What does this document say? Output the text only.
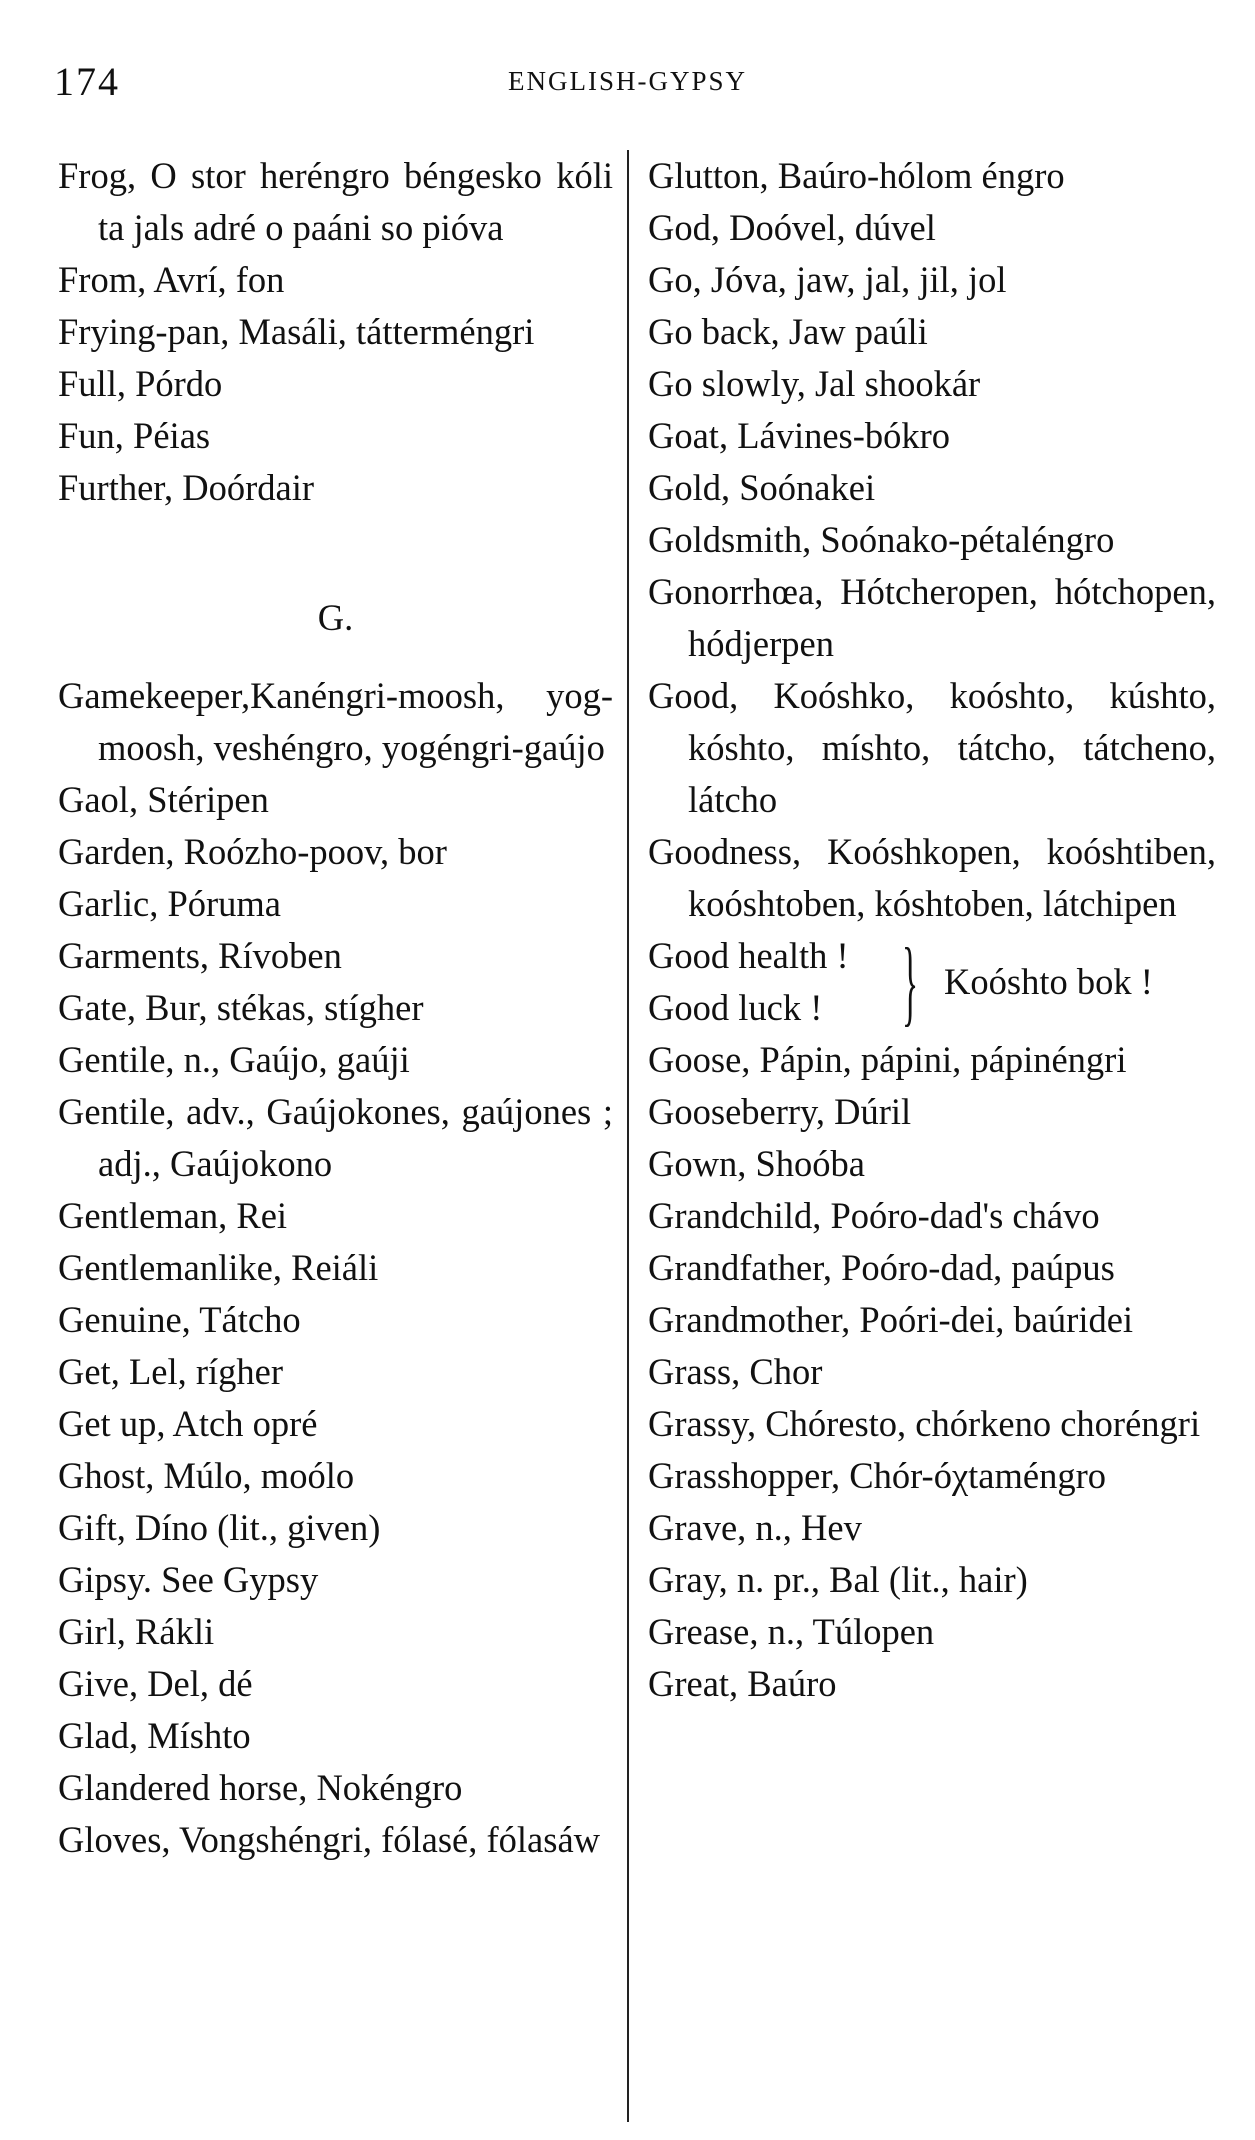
174	ENGLISH-GYPSY
Frog, O stor heréngro béngesko kóli ta jals adré o paáni so pióva
From, Avrí, fon
Frying-pan, Masáli, tátterméngri
Full, Pórdo
Fun, Péias
Further, Doórdair
G.
Gamekeeper,Kanéngri-moosh, yog-moosh, veshéngro, yogéngri-gaújo
Gaol, Stéripen
Garden, Roózho-poov, bor
Garlic, Póruma
Garments, Rívoben
Gate, Bur, stékas, stígher
Gentile, n., Gaújo, gaúji
Gentile, adv., Gaújokones, gaújones ; adj., Gaújokono
Gentleman, Rei
Gentlemanlike, Reiáli
Genuine, Tátcho
Get, Lel, rígher
Get up, Atch opré
Ghost, Múlo, moólo
Gift, Díno (lit., given)
Gipsy. See Gypsy
Girl, Rákli
Give, Del, dé
Glad, Míshto
Glandered horse, Nokéngro
Gloves, Vongshéngri, fólasé, fólasáw
Glutton, Baúro-hólom éngro
God, Doóvel, dúvel
Go, Jóva, jaw, jal, jil, jol
Go back, Jaw paúli
Go slowly, Jal shookár
Goat, Lávines-bókro
Gold, Soónakei
Goldsmith, Soónako-pétaléngro
Gonorrhœa, Hótcheropen, hótchopen, hódjerpen
Good, Koóshko, koóshto, kúshto, kóshto, míshto, tátcho, tátcheno, látcho
Goodness, Koóshkopen, koóshtiben, koóshtoben, kóshtoben, látchipen
Good health !
Good luck ! } Koóshto bok !
Goose, Pápin, pápini, pápinéngri
Gooseberry, Dúril
Gown, Shoóba
Grandchild, Poóro-dad's chávo
Grandfather, Poóro-dad, paúpus
Grandmother, Poóri-dei, baúridei
Grass, Chor
Grassy, Chóresto, chórkeno choréngri
Grasshopper, Chór-óχtaméngro
Grave, n., Hev
Gray, n. pr., Bal (lit., hair)
Grease, n., Túlopen
Great, Baúro
